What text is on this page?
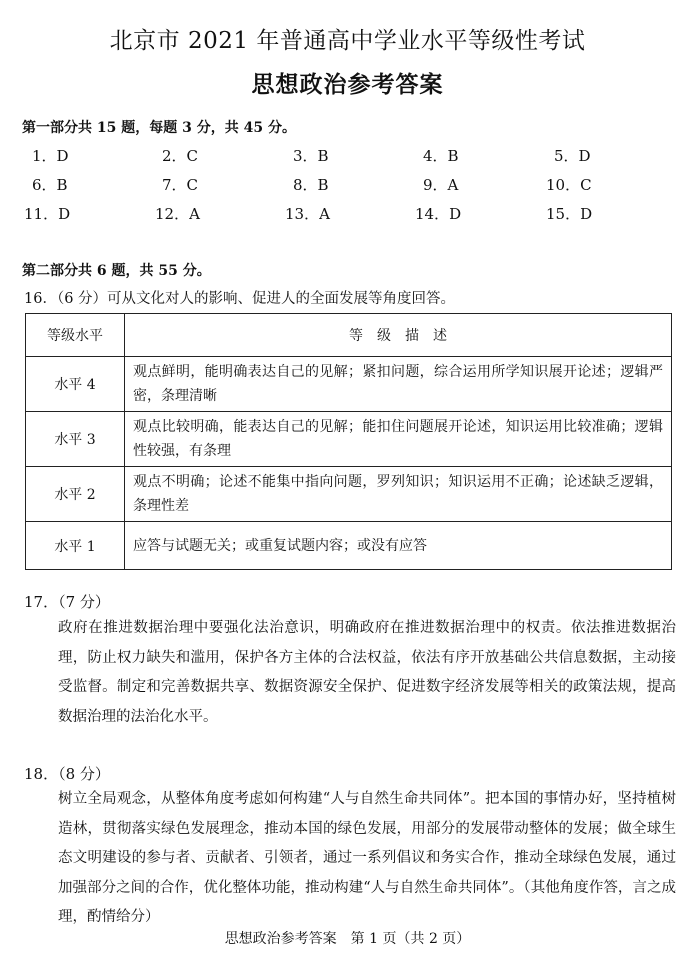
北京市 2021 年普通高中学业水平等级性考试
思想政治参考答案
第一部分共 15 题，每题 3 分，共 45 分。
1．D	2．C	3．B	4．B	5．D
6．B	7．C	8．B	9．A	10．C
11．D	12．A	13．A	14．D	15．D
第二部分共 6 题，共 55 分。
16．（6 分）可从文化对人的影响、促进人的全面发展等角度回答。
等级水平	等　级　描　述
水平 4	观点鲜明，能明确表达自己的见解；紧扣问题，综合运用所学知识展开论述；逻辑严密，条理清晰
水平 3	观点比较明确，能表达自己的见解；能扣住问题展开论述，知识运用比较准确；逻辑性较强，有条理
水平 2	观点不明确；论述不能集中指向问题，罗列知识；知识运用不正确；论述缺乏逻辑，条理性差
水平 1	应答与试题无关；或重复试题内容；或没有应答
17．（7 分）
政府在推进数据治理中要强化法治意识，明确政府在推进数据治理中的权责。依法推进数据治理，防止权力缺失和滥用，保护各方主体的合法权益，依法有序开放基础公共信息数据，主动接受监督。制定和完善数据共享、数据资源安全保护、促进数字经济发展等相关的政策法规，提高数据治理的法治化水平。
18．（8 分）
树立全局观念，从整体角度考虑如何构建“人与自然生命共同体”。把本国的事情办好，坚持植树造林，贯彻落实绿色发展理念，推动本国的绿色发展，用部分的发展带动整体的发展；做全球生态文明建设的参与者、贡献者、引领者，通过一系列倡议和务实合作，推动全球绿色发展，通过加强部分之间的合作，优化整体功能，推动构建“人与自然生命共同体”。（其他角度作答，言之成理，酌情给分）
思想政治参考答案　第 1 页（共 2 页）
